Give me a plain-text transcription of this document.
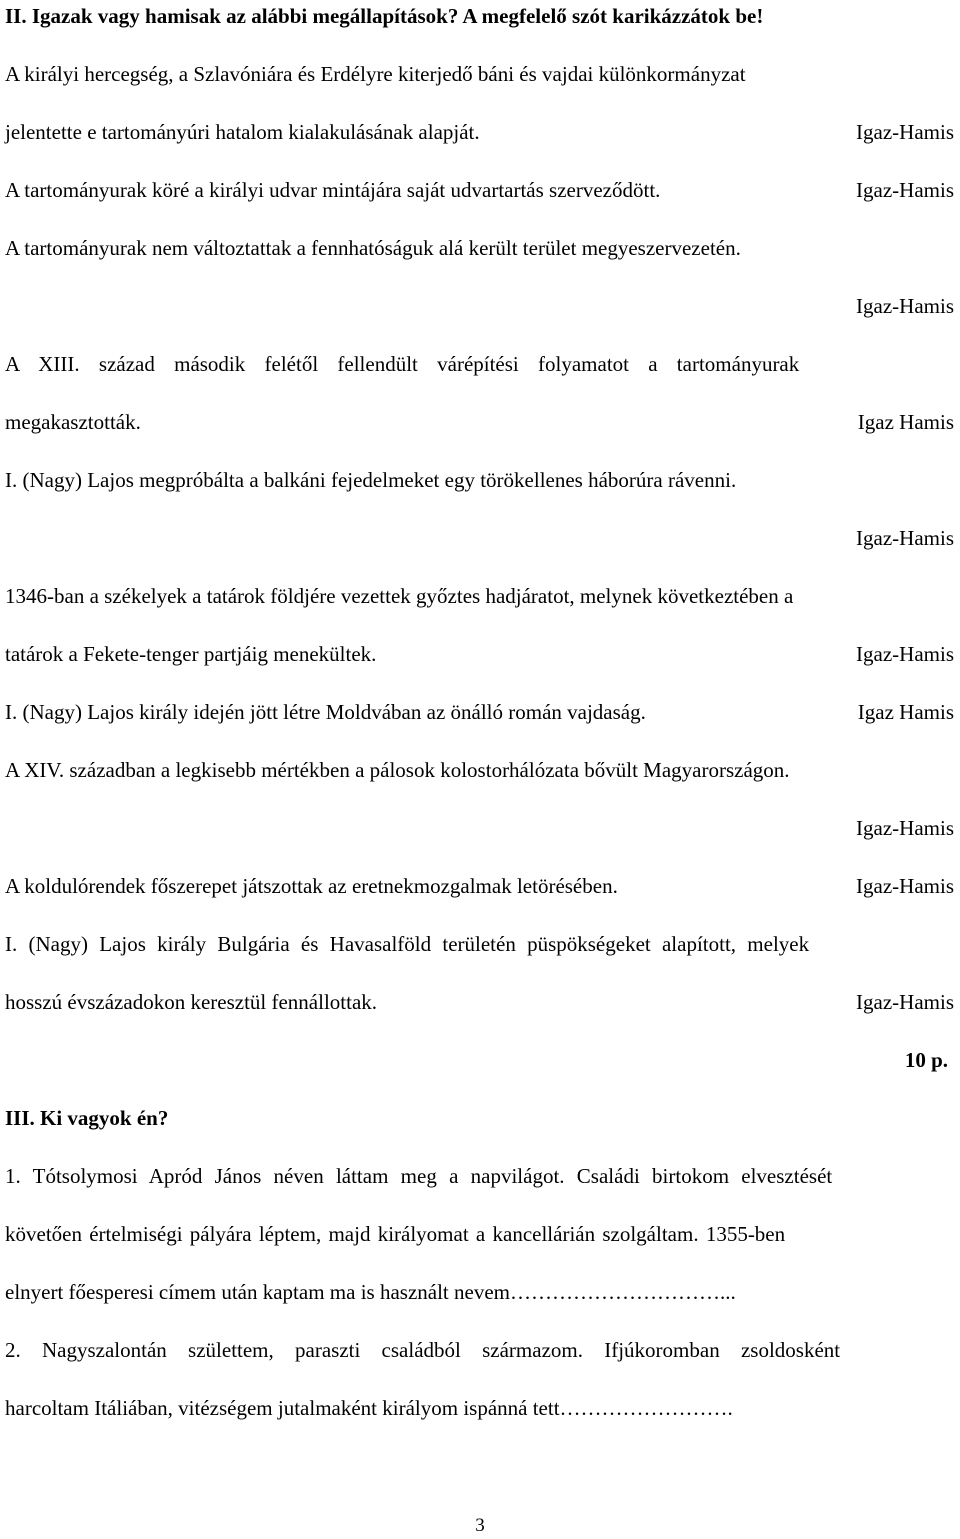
II. Igazak vagy hamisak az alábbi megállapítások? A megfelelő szót karikázzátok be!
A királyi hercegség, a Szlavóniára és Erdélyre kiterjedő báni és vajdai különkormányzat
jelentette e tartományúri hatalom kialakulásának alapját.	Igaz-Hamis
A tartományurak köré a királyi udvar mintájára saját udvartartás szerveződött.	Igaz-Hamis
A tartományurak nem változtattak a fennhatóságuk alá került terület megyeszervezetén.
Igaz-Hamis
A XIII. század második felétől fellendült várépítési folyamatot a tartományurak
megakasztották.	Igaz Hamis
I. (Nagy) Lajos megpróbálta a balkáni fejedelmeket egy törökellenes háborúra rávenni.
Igaz-Hamis
1346-ban a székelyek a tatárok földjére vezettek győztes hadjáratot, melynek következtében a
tatárok a Fekete-tenger partjáig menekültek.	Igaz-Hamis
I. (Nagy) Lajos király idején jött létre Moldvában az önálló román vajdaság.	Igaz Hamis
A XIV. században a legkisebb mértékben a pálosok kolostorhálózata bővült Magyarországon.
Igaz-Hamis
A koldulórendek főszerepet játszottak az eretnekmozgalmak letörésében.	Igaz-Hamis
I. (Nagy) Lajos király Bulgária és Havasalföld területén püspökségeket alapított, melyek
hosszú évszázadokon keresztül fennállottak.	Igaz-Hamis
10 p.
III. Ki vagyok én?
1. Tótsolymosi Apród János néven láttam meg a napvilágot. Családi birtokom elvesztését
követően értelmiségi pályára léptem, majd királyomat a kancellárián szolgáltam. 1355-ben
elnyert főesperesi címem után kaptam ma is használt nevem…………………………...
2. Nagyszalontán születtem, paraszti családból származom. Ifjúkoromban zsoldosként
harcoltam Itáliában, vitézségem jutalmaként királyom ispánná tett…………………….
3
